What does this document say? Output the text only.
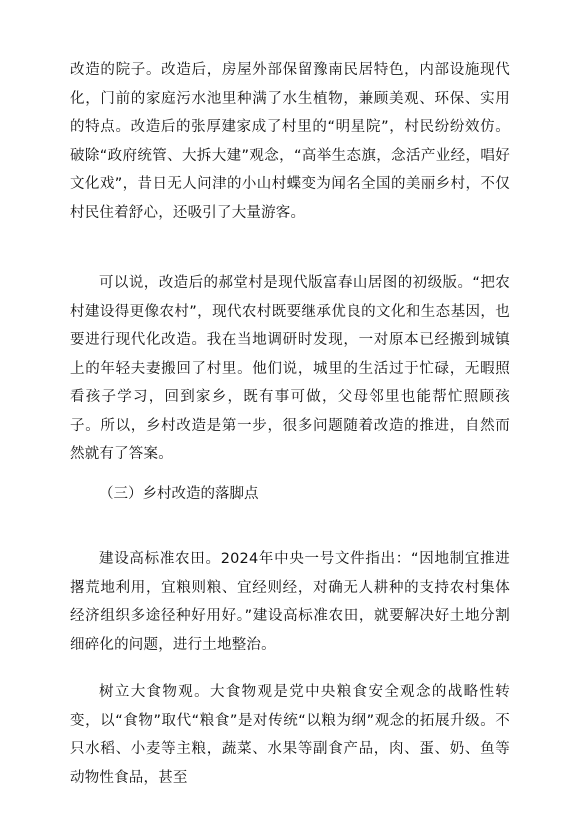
改造的院子。改造后，房屋外部保留豫南民居特色，内部设施现代化，门前的家庭污水池里种满了水生植物，兼顾美观、环保、实用的特点。改造后的张厚建家成了村里的“明星院”，村民纷纷效仿。破除“政府统管、大拆大建”观念，“高举生态旗，念活产业经，唱好文化戏”，昔日无人问津的小山村蝶变为闻名全国的美丽乡村，不仅村民住着舒心，还吸引了大量游客。

可以说，改造后的郝堂村是现代版富春山居图的初级版。“把农村建设得更像农村”，现代农村既要继承优良的文化和生态基因，也要进行现代化改造。我在当地调研时发现，一对原本已经搬到城镇上的年轻夫妻搬回了村里。他们说，城里的生活过于忙碌，无暇照看孩子学习，回到家乡，既有事可做，父母邻里也能帮忙照顾孩子。所以，乡村改造是第一步，很多问题随着改造的推进，自然而然就有了答案。

（三）乡村改造的落脚点

建设高标准农田。2024年中央一号文件指出：“因地制宜推进撂荒地利用，宜粮则粮、宜经则经，对确无人耕种的支持农村集体经济组织多途径种好用好。”建设高标准农田，就要解决好土地分割细碎化的问题，进行土地整治。

树立大食物观。大食物观是党中央粮食安全观念的战略性转变，以“食物”取代“粮食”是对传统“以粮为纲”观念的拓展升级。不只水稻、小麦等主粮，蔬菜、水果等副食产品，肉、蛋、奶、鱼等动物性食品，甚至
